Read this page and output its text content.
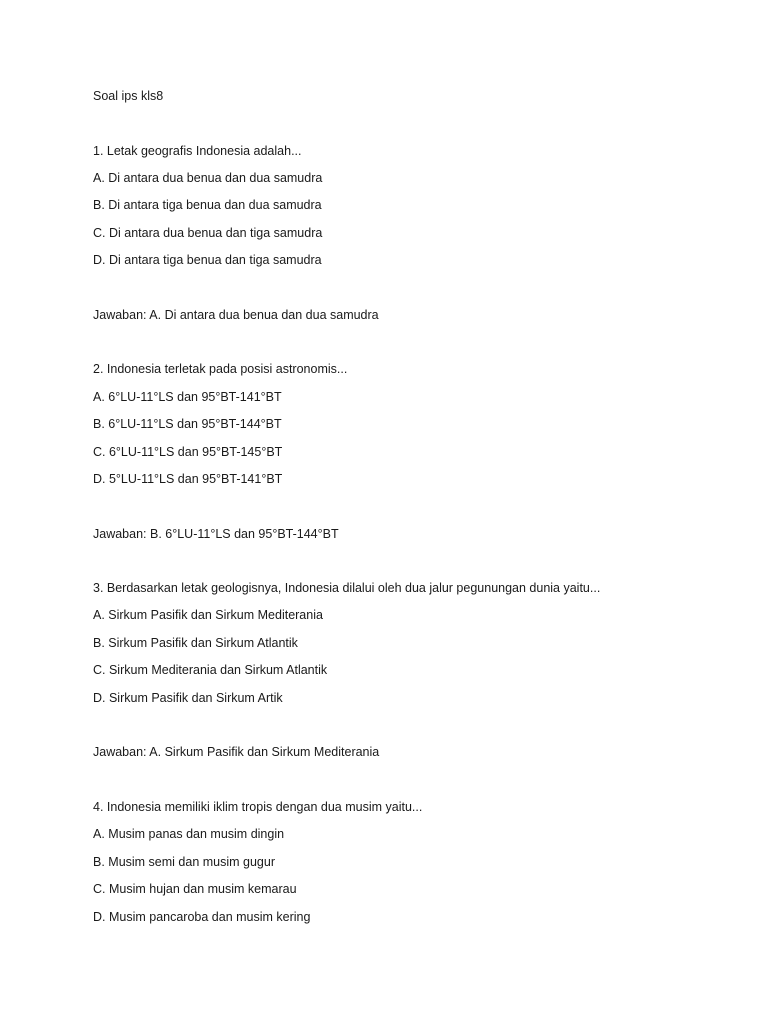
Soal ips kls8

1. Letak geografis Indonesia adalah...

A. Di antara dua benua dan dua samudra

B. Di antara tiga benua dan dua samudra

C. Di antara dua benua dan tiga samudra

D. Di antara tiga benua dan tiga samudra

Jawaban: A. Di antara dua benua dan dua samudra

2. Indonesia terletak pada posisi astronomis...

A. 6°LU-11°LS dan 95°BT-141°BT

B. 6°LU-11°LS dan 95°BT-144°BT

C. 6°LU-11°LS dan 95°BT-145°BT

D. 5°LU-11°LS dan 95°BT-141°BT

Jawaban: B. 6°LU-11°LS dan 95°BT-144°BT

3. Berdasarkan letak geologisnya, Indonesia dilalui oleh dua jalur pegunungan dunia yaitu...

A. Sirkum Pasifik dan Sirkum Mediterania

B. Sirkum Pasifik dan Sirkum Atlantik

C. Sirkum Mediterania dan Sirkum Atlantik

D. Sirkum Pasifik dan Sirkum Artik

Jawaban: A. Sirkum Pasifik dan Sirkum Mediterania

4. Indonesia memiliki iklim tropis dengan dua musim yaitu...

A. Musim panas dan musim dingin

B. Musim semi dan musim gugur

C. Musim hujan dan musim kemarau

D. Musim pancaroba dan musim kering
